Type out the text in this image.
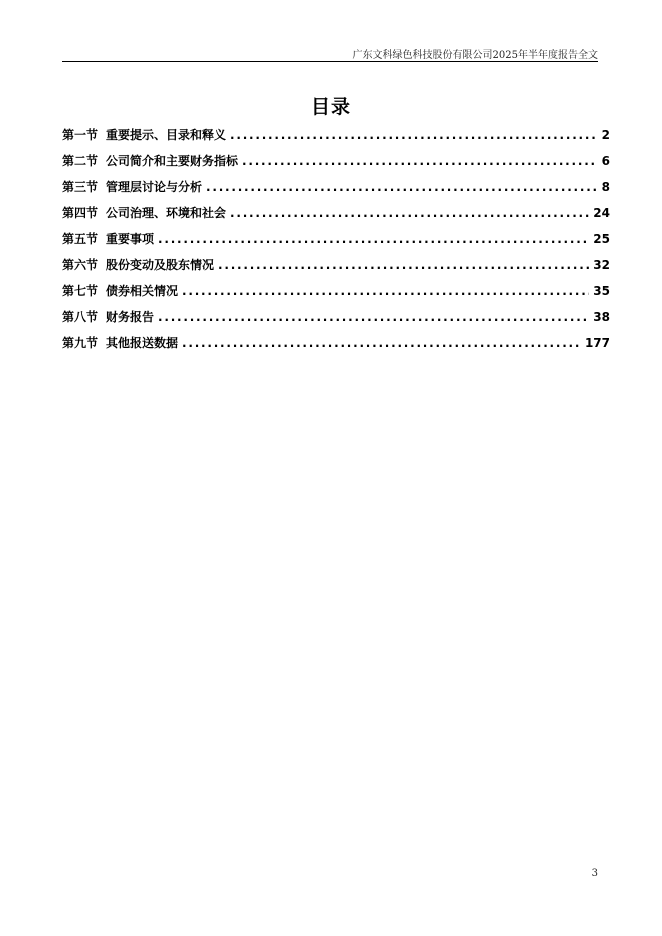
广东文科绿色科技股份有限公司2025年半年度报告全文
目录
第一节 重要提示、目录和释义 . . .	2
第二节 公司简介和主要财务指标 . . .	6
第三节 管理层讨论与分析 . . .	8
第四节 公司治理、环境和社会 . . .	24
第五节 重要事项 . . .	25
第六节 股份变动及股东情况 . . .	32
第七节 债券相关情况 . . .	35
第八节 财务报告 . . .	38
第九节 其他报送数据 . . .	177
3
